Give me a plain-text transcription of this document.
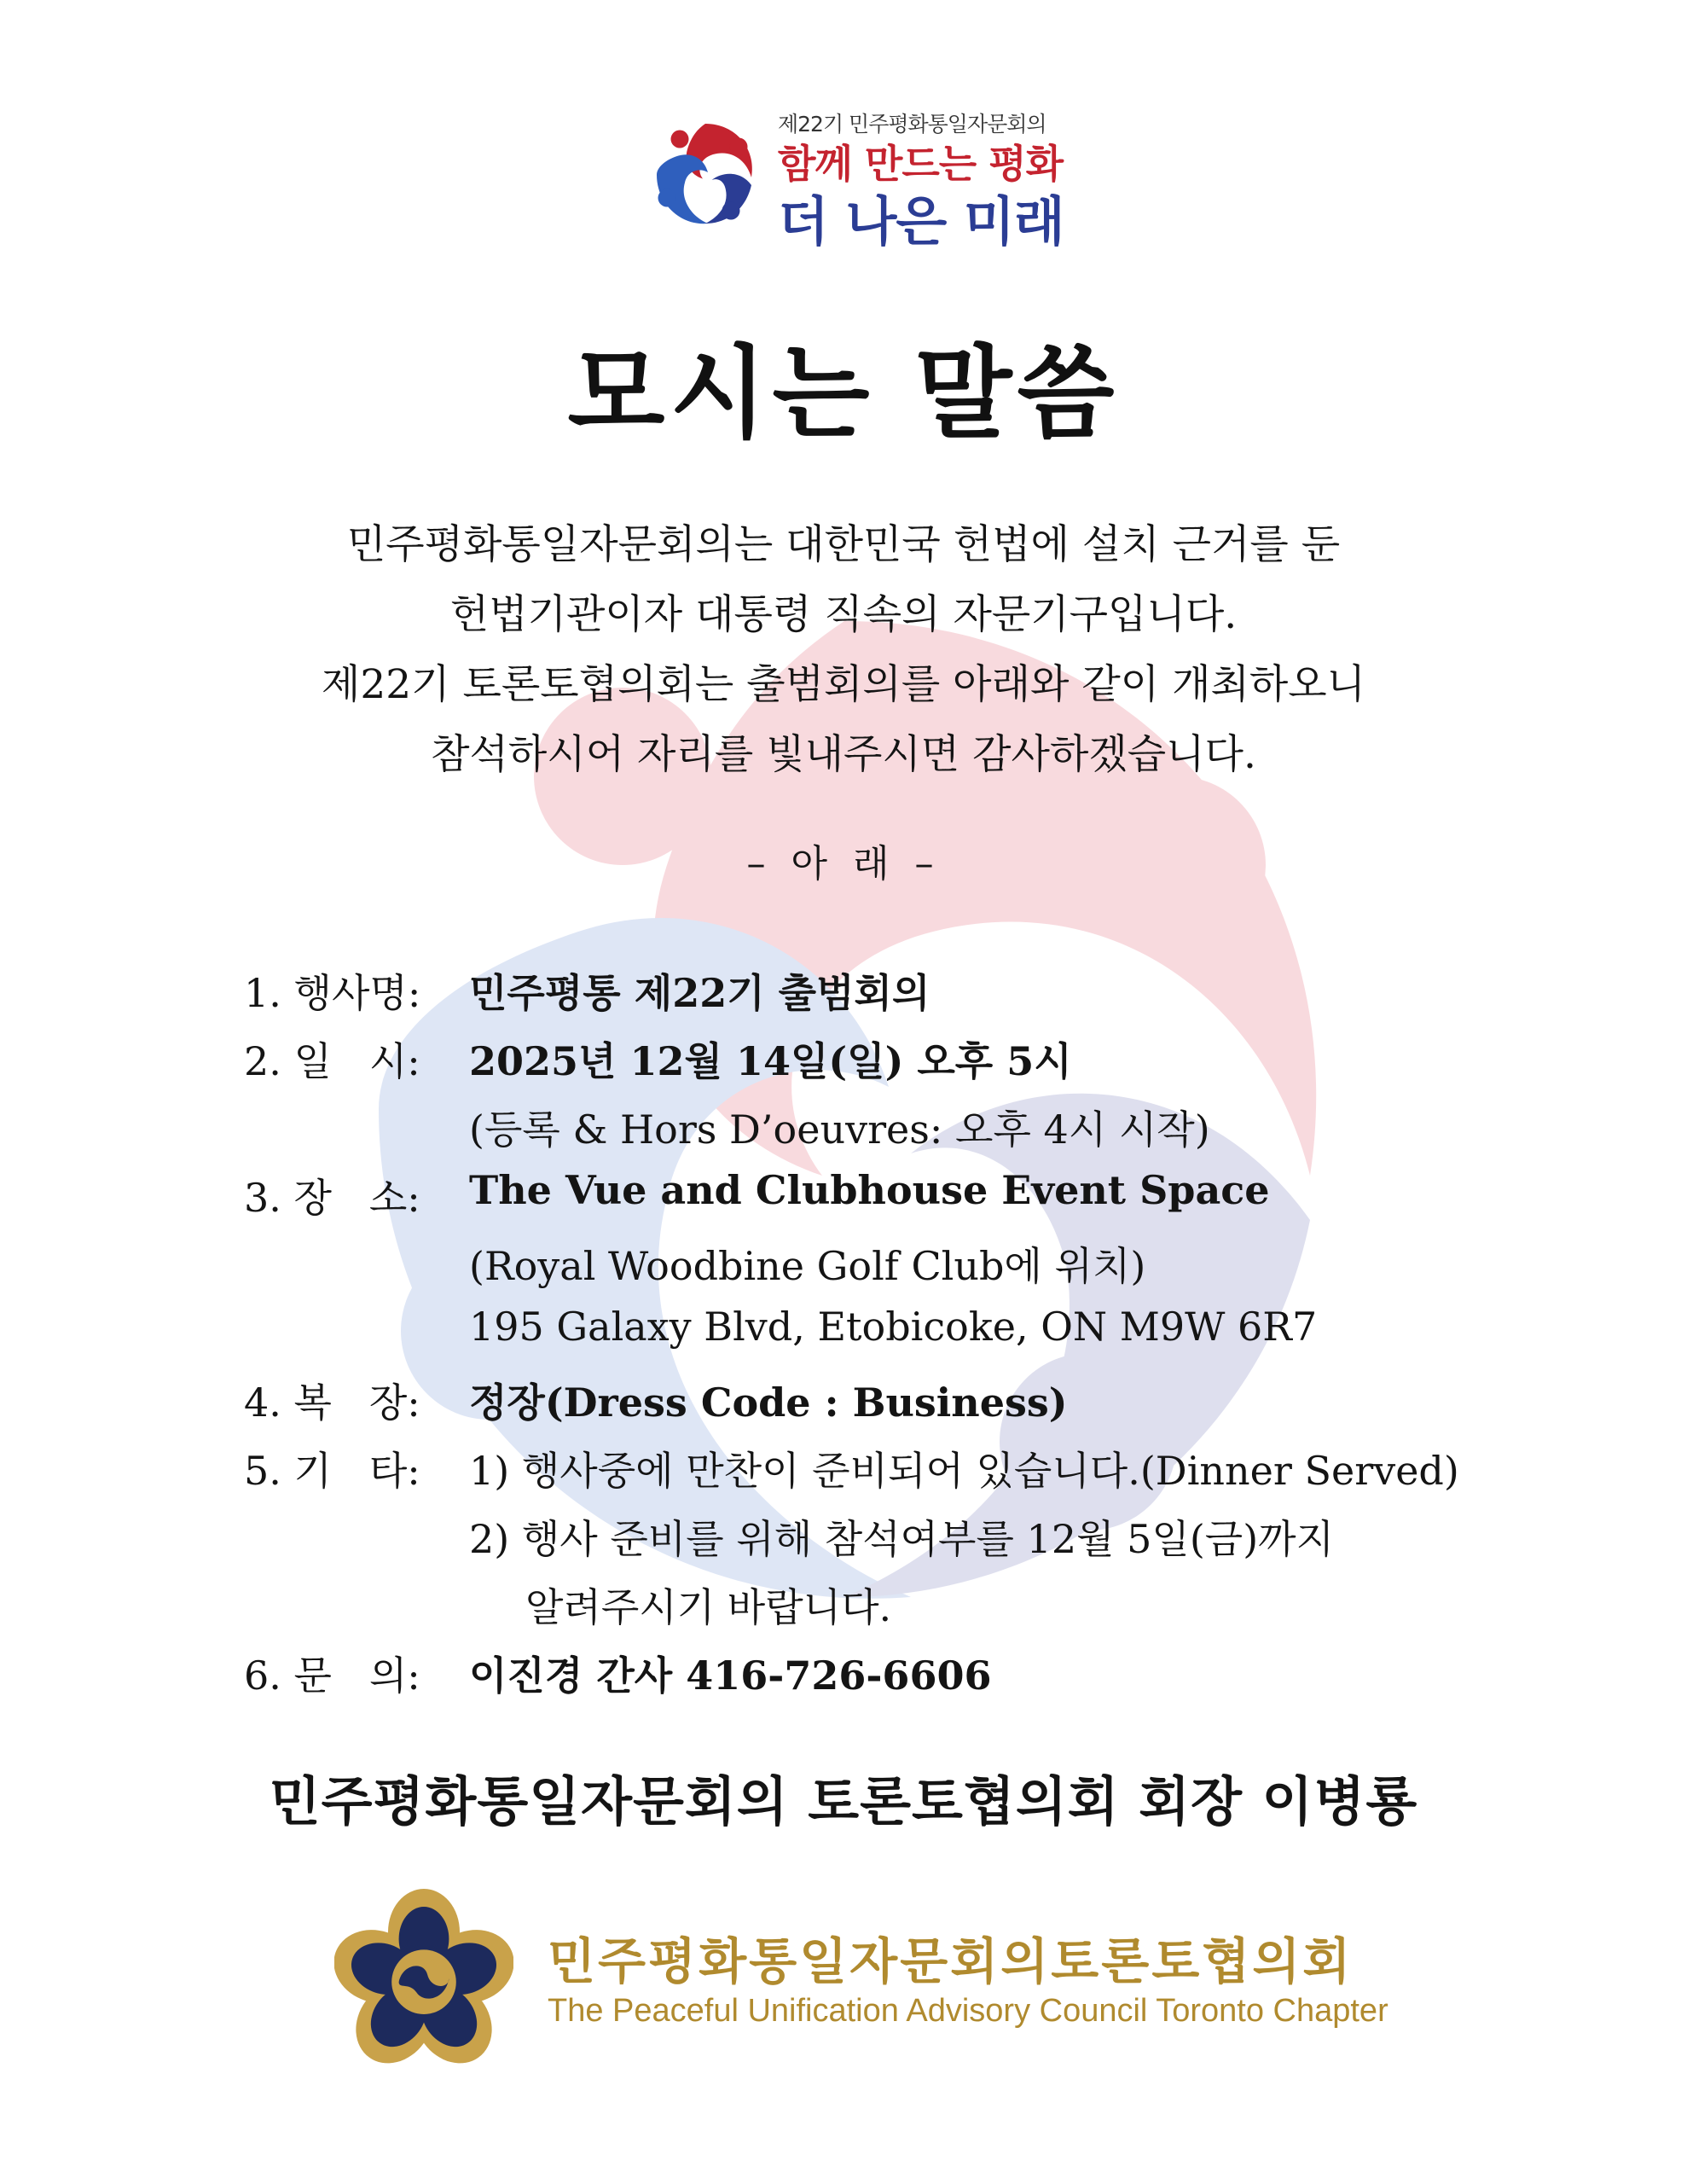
제22기 민주평화통일자문회의
함께 만드는 평화
더 나은 미래
모시는 말씀
민주평화통일자문회의는 대한민국 헌법에 설치 근거를 둔
헌법기관이자 대통령 직속의 자문기구입니다.
제22기 토론토협의회는 출범회의를 아래와 같이 개최하오니
참석하시어 자리를 빛내주시면 감사하겠습니다.
– 아 래 –
1. 행사명:	민주평통 제22기 출범회의
2. 일   시:	2025년 12월 14일(일) 오후 5시
(등록 & Hors D’oeuvres: 오후 4시 시작)
3. 장   소:	The Vue and Clubhouse Event Space
(Royal Woodbine Golf Club에 위치)
195 Galaxy Blvd, Etobicoke, ON M9W 6R7
4. 복   장:	정장(Dress Code : Business)
5. 기   타:	1) 행사중에 만찬이 준비되어 있습니다.(Dinner Served)
2) 행사 준비를 위해 참석여부를 12월 5일(금)까지
알려주시기 바랍니다.
6. 문   의:	이진경 간사 416-726-6606
민주평화통일자문회의 토론토협의회 회장 이병룡
민주평화통일자문회의토론토협의회
The Peaceful Unification Advisory Council Toronto Chapter
